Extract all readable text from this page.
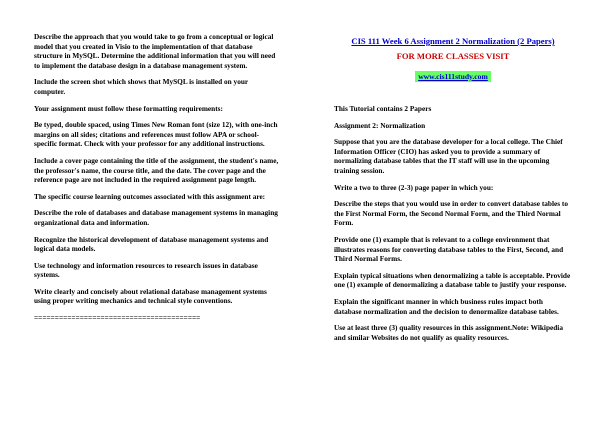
Describe the approach that you would take to go from a conceptual or logical model that you created in Visio to the implementation of that database structure in MySQL. Determine the additional information that you will need to implement the database design in a database management system.

Include the screen shot which shows that MySQL is installed on your computer.

Your assignment must follow these formatting requirements:

Be typed, double spaced, using Times New Roman font (size 12), with one-inch margins on all sides; citations and references must follow APA or school-specific format. Check with your professor for any additional instructions.

Include a cover page containing the title of the assignment, the student's name, the professor's name, the course title, and the date. The cover page and the reference page are not included in the required assignment page length.

The specific course learning outcomes associated with this assignment are:

Describe the role of databases and database management systems in managing organizational data and information.

Recognize the historical development of database management systems and logical data models.

Use technology and information resources to research issues in database systems.

Write clearly and concisely about relational database management systems using proper writing mechanics and technical style conventions.

========================================
CIS 111 Week 6 Assignment 2 Normalization (2 Papers)
FOR MORE CLASSES VISIT
www.cis111study.com

This Tutorial contains 2 Papers

Assignment 2: Normalization

Suppose that you are the database developer for a local college. The Chief Information Officer (CIO) has asked you to provide a summary of normalizing database tables that the IT staff will use in the upcoming training session.

Write a two to three (2-3) page paper in which you:

Describe the steps that you would use in order to convert database tables to the First Normal Form, the Second Normal Form, and the Third Normal Form.

Provide one (1) example that is relevant to a college environment that illustrates reasons for converting database tables to the First, Second, and Third Normal Forms.

Explain typical situations when denormalizing a table is acceptable. Provide one (1) example of denormalizing a database table to justify your response.

Explain the significant manner in which business rules impact both database normalization and the decision to denormalize database tables.

Use at least three (3) quality resources in this assignment.Note: Wikipedia and similar Websites do not qualify as quality resources.
